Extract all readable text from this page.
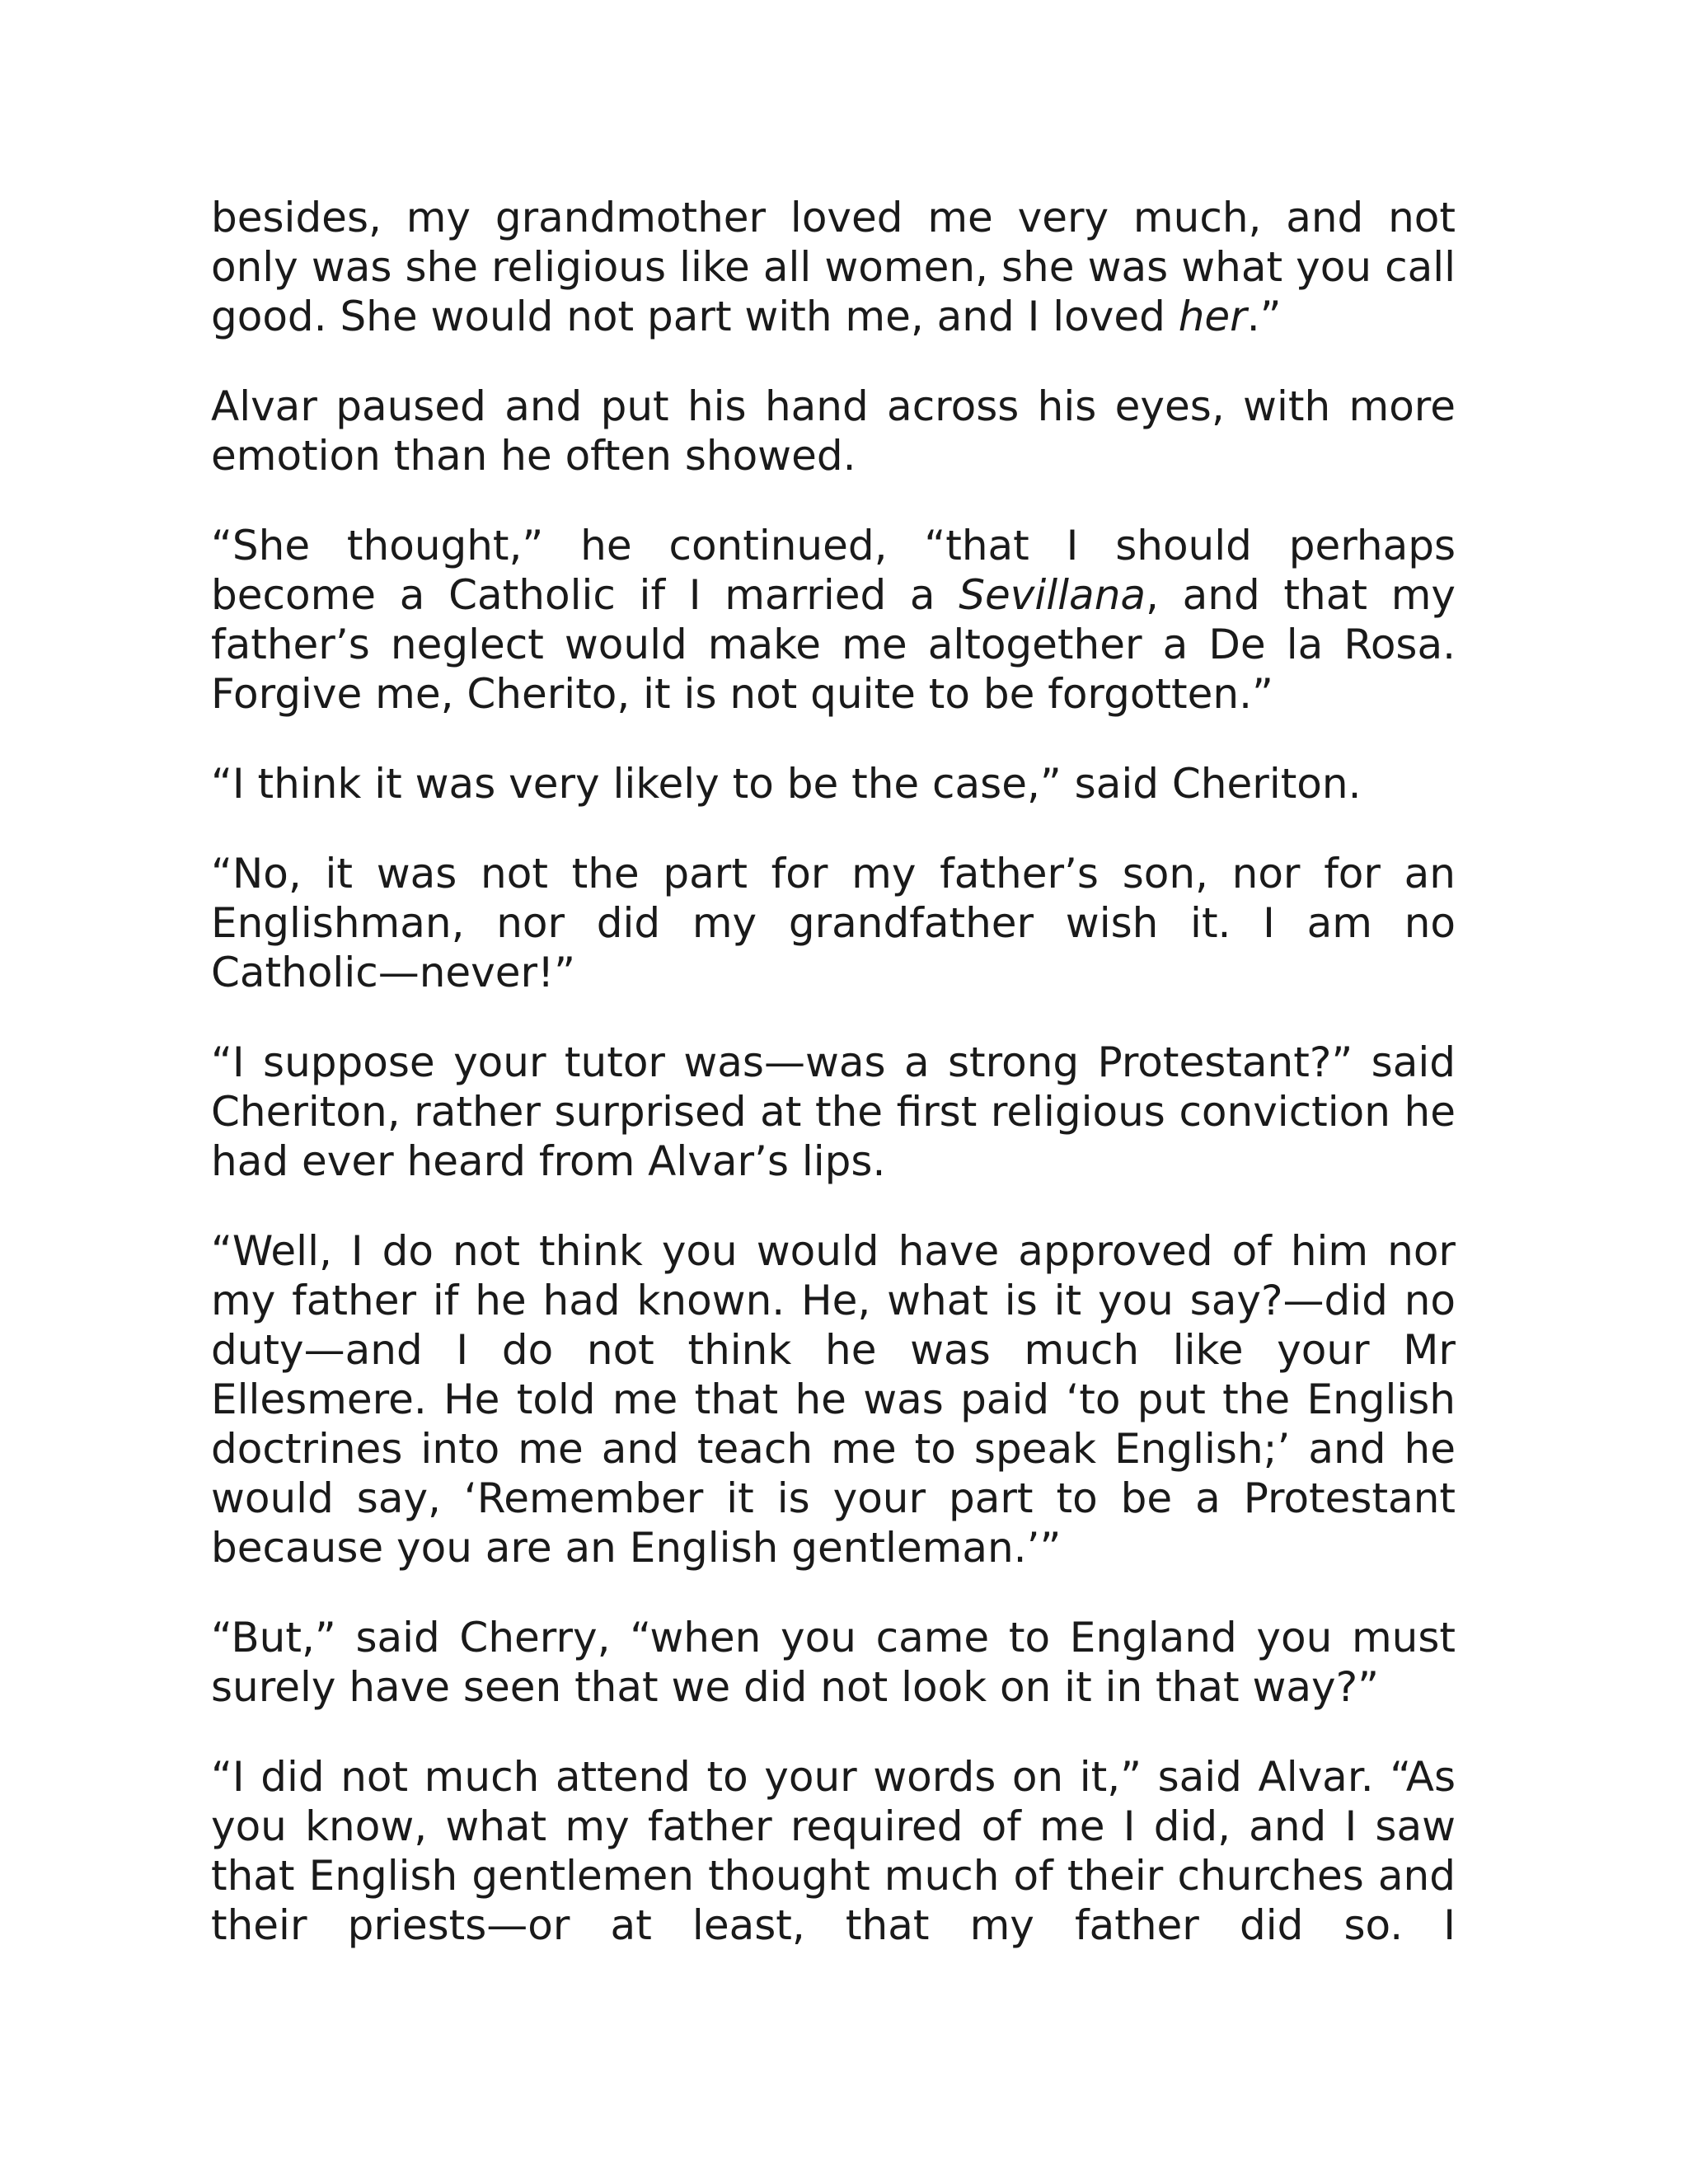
besides, my grandmother loved me very much, and not only was she religious like all women, she was what you call good. She would not part with me, and I loved her.”

Alvar paused and put his hand across his eyes, with more emotion than he often showed.

“She thought,” he continued, “that I should perhaps become a Catholic if I married a Sevillana, and that my father’s neglect would make me altogether a De la Rosa. Forgive me, Cherito, it is not quite to be forgotten.”

“I think it was very likely to be the case,” said Cheriton.

“No, it was not the part for my father’s son, nor for an Englishman, nor did my grandfather wish it. I am no Catholic—never!”

“I suppose your tutor was—was a strong Protestant?” said Cheriton, rather surprised at the first religious conviction he had ever heard from Alvar’s lips.

“Well, I do not think you would have approved of him nor my father if he had known. He, what is it you say?—did no duty—and I do not think he was much like your Mr Ellesmere. He told me that he was paid ‘to put the English doctrines into me and teach me to speak English;’ and he would say, ‘Remember it is your part to be a Protestant because you are an English gentleman.’”

“But,” said Cherry, “when you came to England you must surely have seen that we did not look on it in that way?”

“I did not much attend to your words on it,” said Alvar. “As you know, what my father required of me I did, and I saw that English gentlemen thought much of their churches and their priests—or at least, that my father did so. I
